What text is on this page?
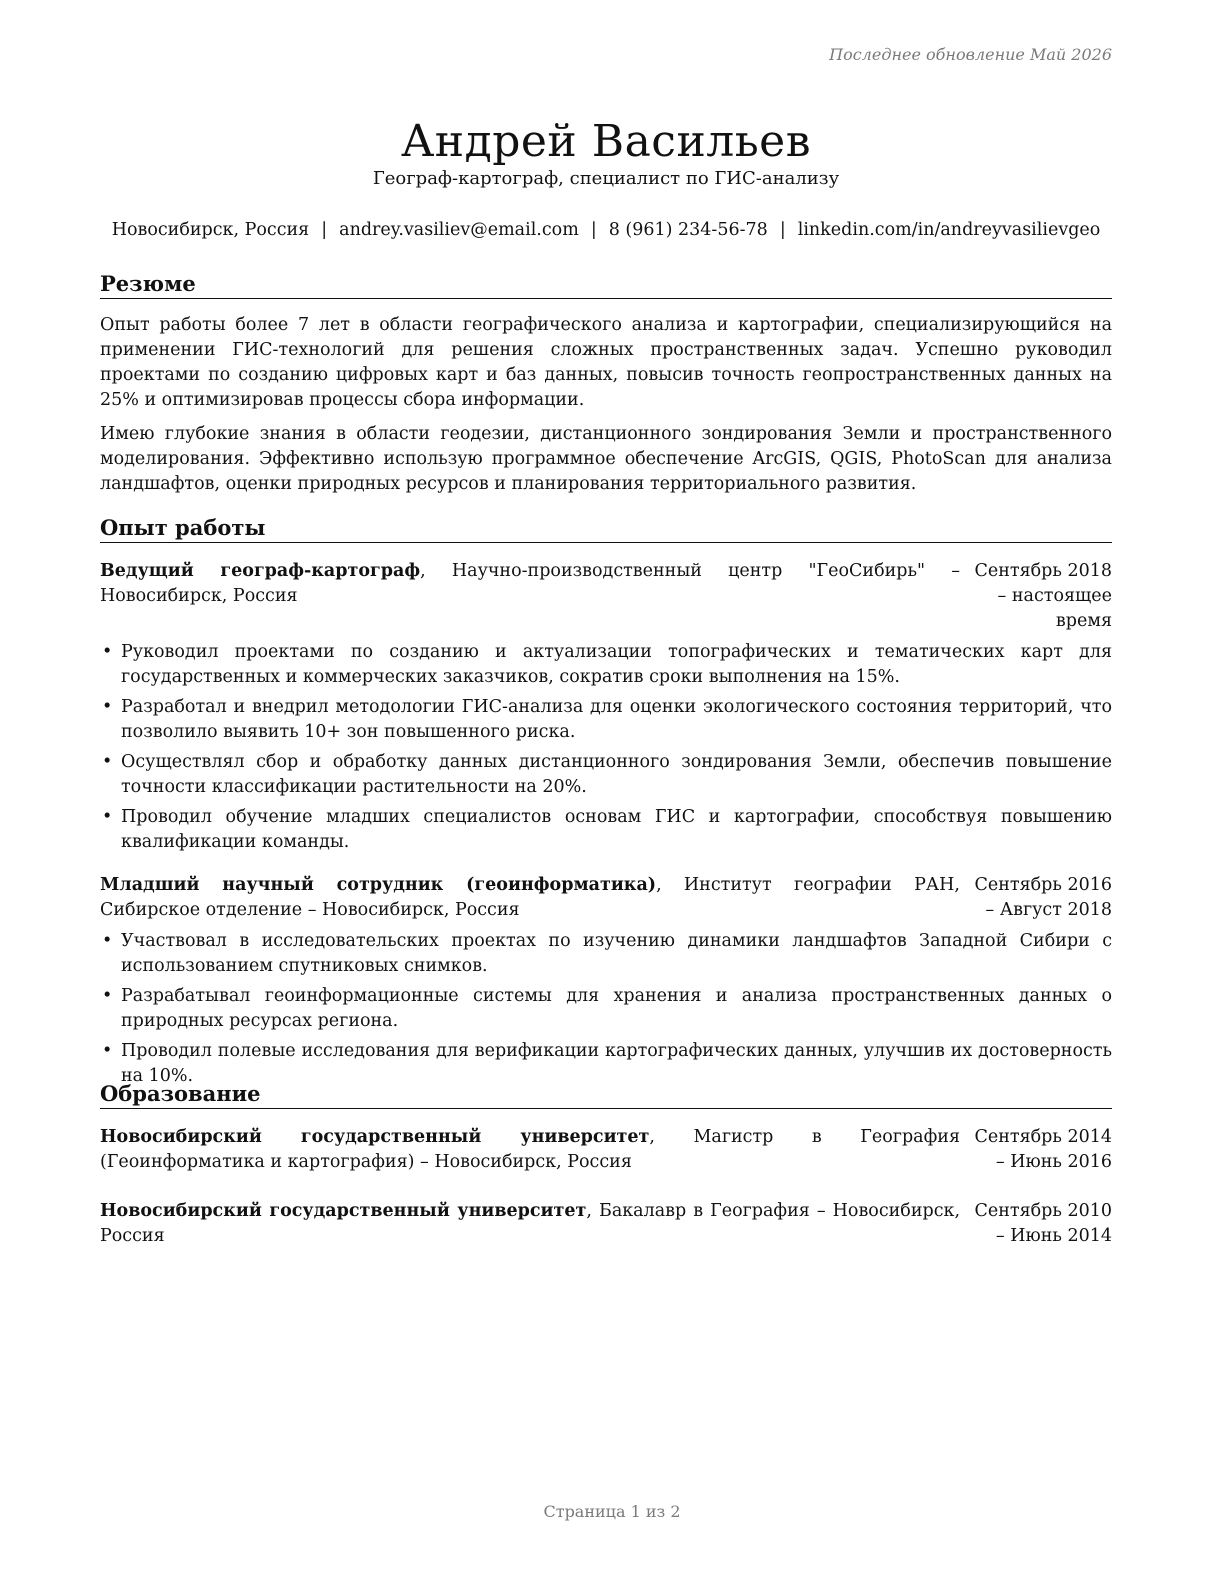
Последнее обновление Май 2026
Андрей Васильев
Географ-картограф, специалист по ГИС-анализу
Новосибирск, Россия | andrey.vasiliev@email.com | 8 (961) 234-56-78 | linkedin.com/in/andreyvasilievgeo
Резюме

Опыт работы более 7 лет в области географического анализа и картографии, специализирующийся на применении ГИС-технологий для решения сложных пространственных задач. Успешно руководил проектами по созданию цифровых карт и баз данных, повысив точность геопространственных данных на 25% и оптимизировав процессы сбора информации.

Имею глубокие знания в области геодезии, дистанционного зондирования Земли и пространственного моделирования. Эффективно использую программное обеспечение ArcGIS, QGIS, PhotoScan для анализа ландшафтов, оценки природных ресурсов и планирования территориального развития.

Опыт работы
Ведущий географ-картограф, Научно-производственный центр "ГеоСибирь" – Новосибирск, Россия
Сентябрь 2018 – настоящее время
• Руководил проектами по созданию и актуализации топографических и тематических карт для государственных и коммерческих заказчиков, сократив сроки выполнения на 15%.
• Разработал и внедрил методологии ГИС-анализа для оценки экологического состояния территорий, что позволило выявить 10+ зон повышенного риска.
• Осуществлял сбор и обработку данных дистанционного зондирования Земли, обеспечив повышение точности классификации растительности на 20%.
• Проводил обучение младших специалистов основам ГИС и картографии, способствуя повышению квалификации команды.
Младший научный сотрудник (геоинформатика), Институт географии РАН, Сибирское отделение – Новосибирск, Россия
Сентябрь 2016 – Август 2018
• Участвовал в исследовательских проектах по изучению динамики ландшафтов Западной Сибири с использованием спутниковых снимков.
• Разрабатывал геоинформационные системы для хранения и анализа пространственных данных о природных ресурсах региона.
• Проводил полевые исследования для верификации картографических данных, улучшив их достоверность на 10%.
Образование
Новосибирский государственный университет, Магистр в География (Геоинформатика и картография) – Новосибирск, Россия
Сентябрь 2014 – Июнь 2016
Новосибирский государственный университет, Бакалавр в География – Новосибирск, Россия
Сентябрь 2010 – Июнь 2014
Страница 1 из 2
